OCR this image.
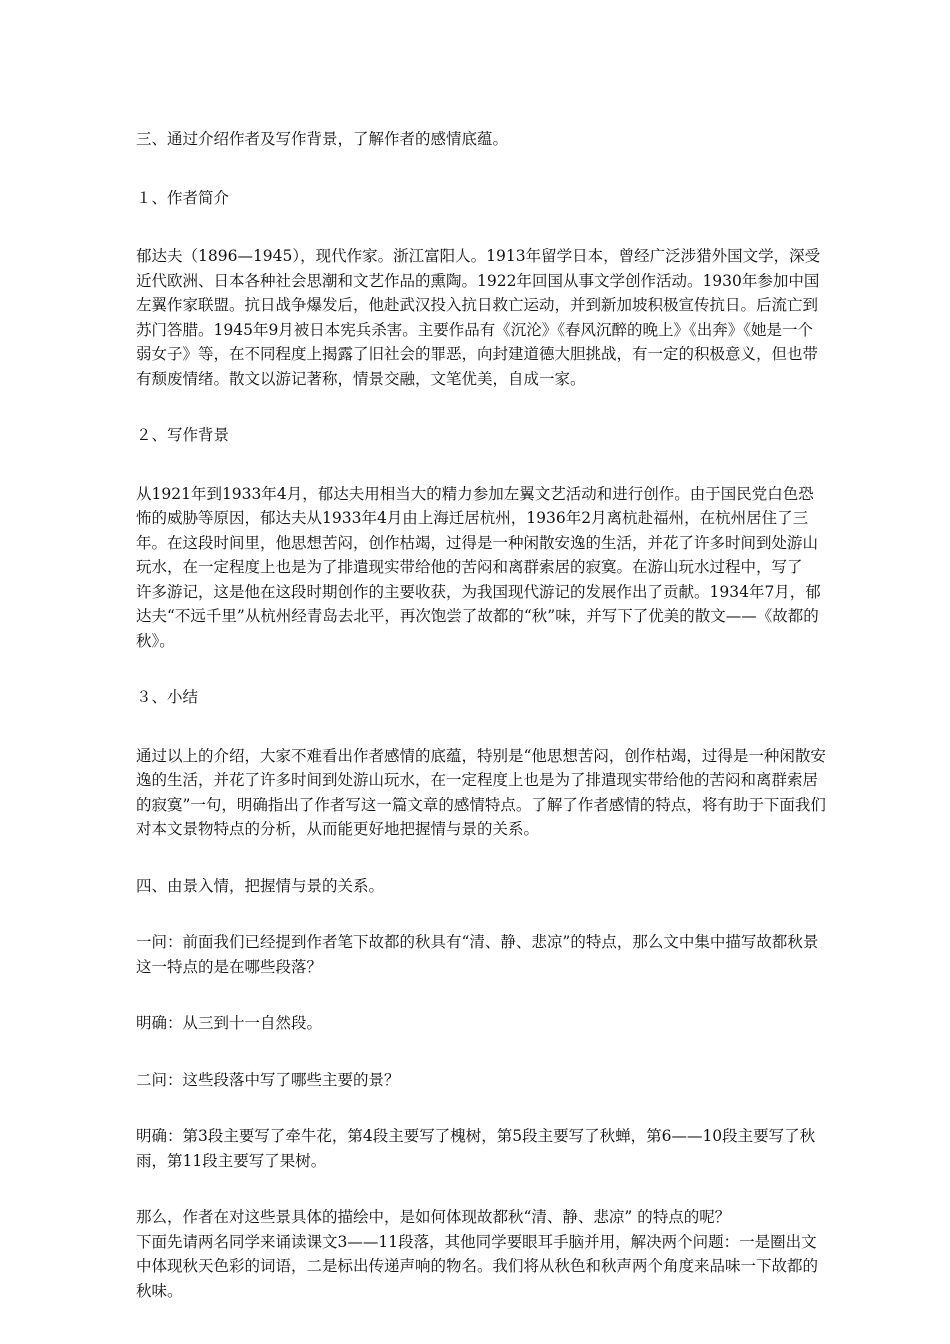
三、通过介绍作者及写作背景，了解作者的感情底蕴。

１、作者简介

郁达夫（1896—1945），现代作家。浙江富阳人。1913年留学日本，曾经广泛涉猎外国文学，深受近代欧洲、日本各种社会思潮和文艺作品的熏陶。1922年回国从事文学创作活动。1930年参加中国左翼作家联盟。抗日战争爆发后，他赴武汉投入抗日救亡运动，并到新加坡积极宣传抗日。后流亡到苏门答腊。1945年9月被日本宪兵杀害。主要作品有《沉沦》《春风沉醉的晚上》《出奔》《她是一个弱女子》等，在不同程度上揭露了旧社会的罪恶，向封建道德大胆挑战，有一定的积极意义，但也带有颓废情绪。散文以游记著称，情景交融，文笔优美，自成一家。

２、写作背景

从1921年到1933年4月，郁达夫用相当大的精力参加左翼文艺活动和进行创作。由于国民党白色恐怖的威胁等原因，郁达夫从1933年4月由上海迁居杭州，1936年2月离杭赴福州，在杭州居住了三年。在这段时间里，他思想苦闷，创作枯竭，过得是一种闲散安逸的生活，并花了许多时间到处游山玩水，在一定程度上也是为了排遣现实带给他的苦闷和离群索居的寂寞。在游山玩水过程中，写了　许多游记，这是他在这段时期创作的主要收获，为我国现代游记的发展作出了贡献。1934年7月，郁达夫“不远千里”从杭州经青岛去北平，再次饱尝了故都的“秋”味，并写下了优美的散文——《故都的秋》。

３、小结

通过以上的介绍，大家不难看出作者感情的底蕴，特别是“他思想苦闷，创作枯竭，过得是一种闲散安逸的生活，并花了许多时间到处游山玩水，在一定程度上也是为了排遣现实带给他的苦闷和离群索居的寂寞”一句，明确指出了作者写这一篇文章的感情特点。了解了作者感情的特点，将有助于下面我们对本文景物特点的分析，从而能更好地把握情与景的关系。

四、由景入情，把握情与景的关系。

一问：前面我们已经提到作者笔下故都的秋具有“清、静、悲凉”的特点，那么文中集中描写故都秋景这一特点的是在哪些段落？

明确：从三到十一自然段。

二问：这些段落中写了哪些主要的景？

明确：第3段主要写了牵牛花，第4段主要写了槐树，第5段主要写了秋蝉，第6——10段主要写了秋雨，第11段主要写了果树。

那么，作者在对这些景具体的描绘中，是如何体现故都秋“清、静、悲凉” 的特点的呢？

下面先请两名同学来诵读课文3——11段落，其他同学要眼耳手脑并用，解决两个问题：一是圈出文中体现秋天色彩的词语，二是标出传递声响的物名。我们将从秋色和秋声两个角度来品味一下故都的秋味。
